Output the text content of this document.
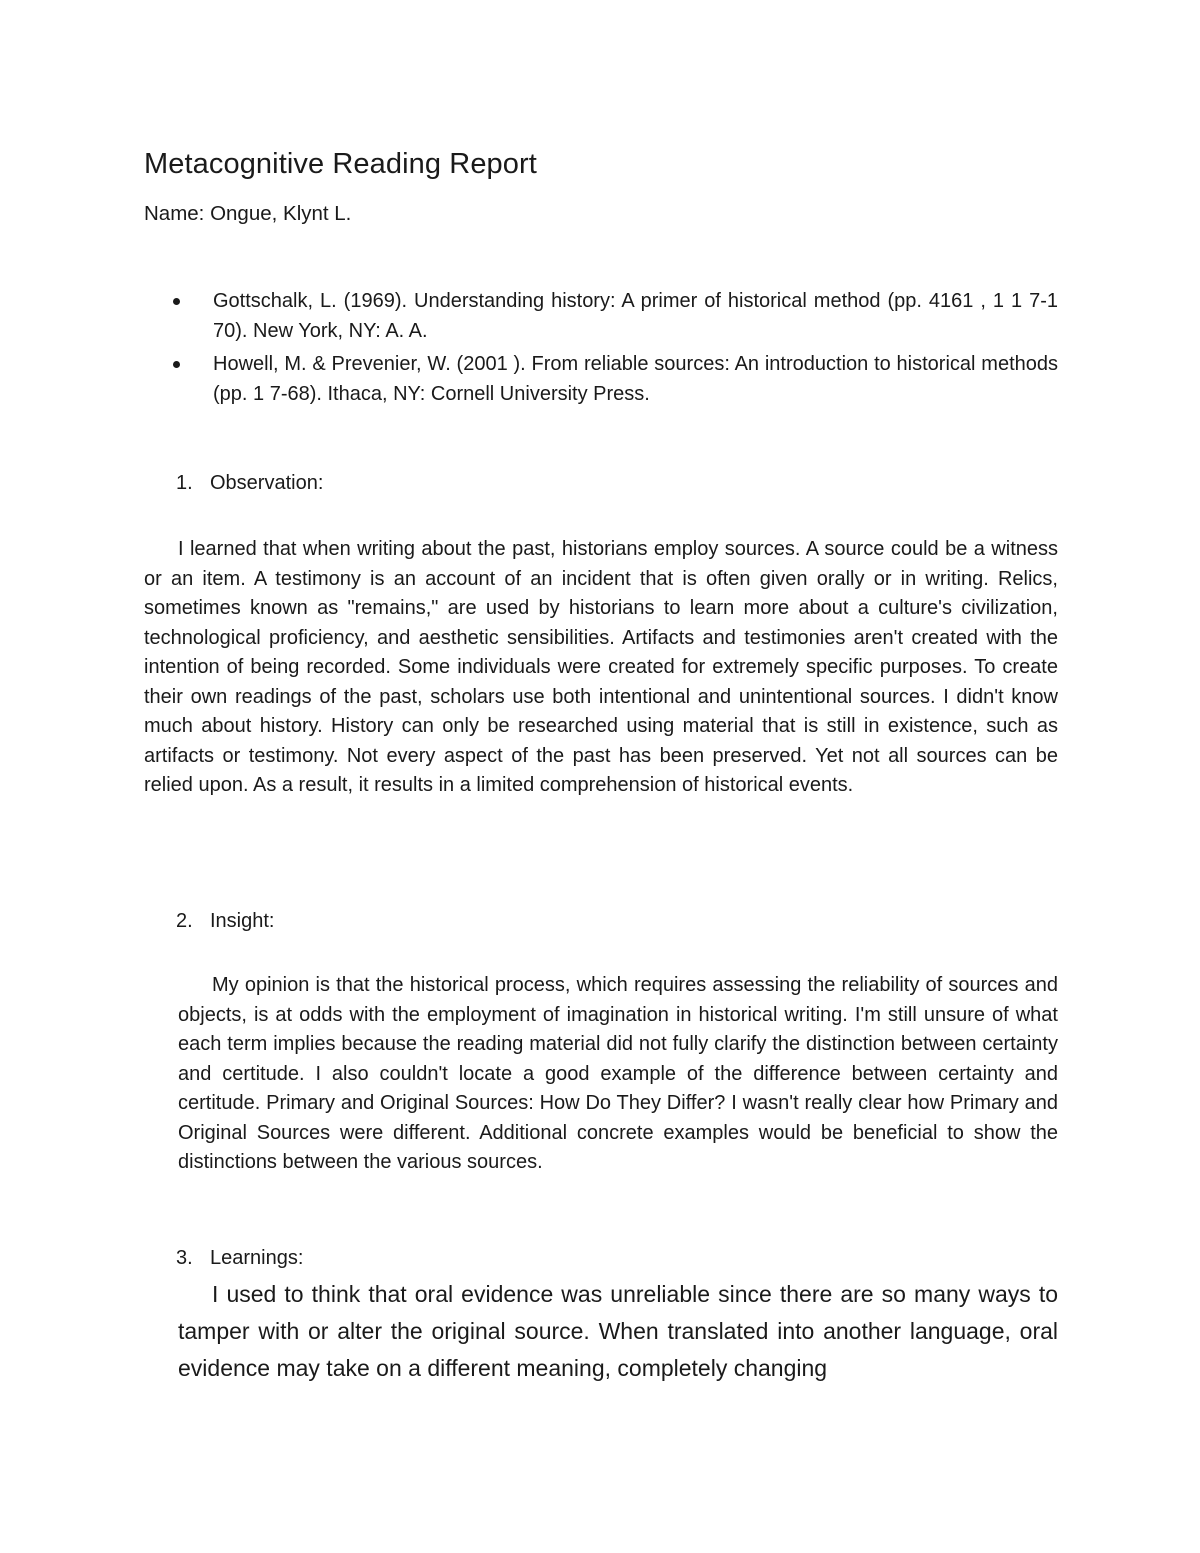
Metacognitive Reading Report

Name: Ongue, Klynt L.

Gottschalk, L. (1969). Understanding history: A primer of historical method (pp. 4161 , 1 1 7-1 70). New York, NY: A. A.
Howell, M. & Prevenier, W. (2001 ). From reliable sources: An introduction to historical methods (pp. 1 7-68). Ithaca, NY: Cornell University Press.

1. Observation:

I learned that when writing about the past, historians employ sources. A source could be a witness or an item. A testimony is an account of an incident that is often given orally or in writing. Relics, sometimes known as "remains," are used by historians to learn more about a culture's civilization, technological proficiency, and aesthetic sensibilities. Artifacts and testimonies aren't created with the intention of being recorded. Some individuals were created for extremely specific purposes. To create their own readings of the past, scholars use both intentional and unintentional sources. I didn't know much about history. History can only be researched using material that is still in existence, such as artifacts or testimony. Not every aspect of the past has been preserved. Yet not all sources can be relied upon. As a result, it results in a limited comprehension of historical events.

2. Insight:

My opinion is that the historical process, which requires assessing the reliability of sources and objects, is at odds with the employment of imagination in historical writing. I'm still unsure of what each term implies because the reading material did not fully clarify the distinction between certainty and certitude. I also couldn't locate a good example of the difference between certainty and certitude. Primary and Original Sources: How Do They Differ? I wasn't really clear how Primary and Original Sources were different. Additional concrete examples would be beneficial to show the distinctions between the various sources.

3. Learnings:

I used to think that oral evidence was unreliable since there are so many ways to tamper with or alter the original source. When translated into another language, oral evidence may take on a different meaning, completely changing
